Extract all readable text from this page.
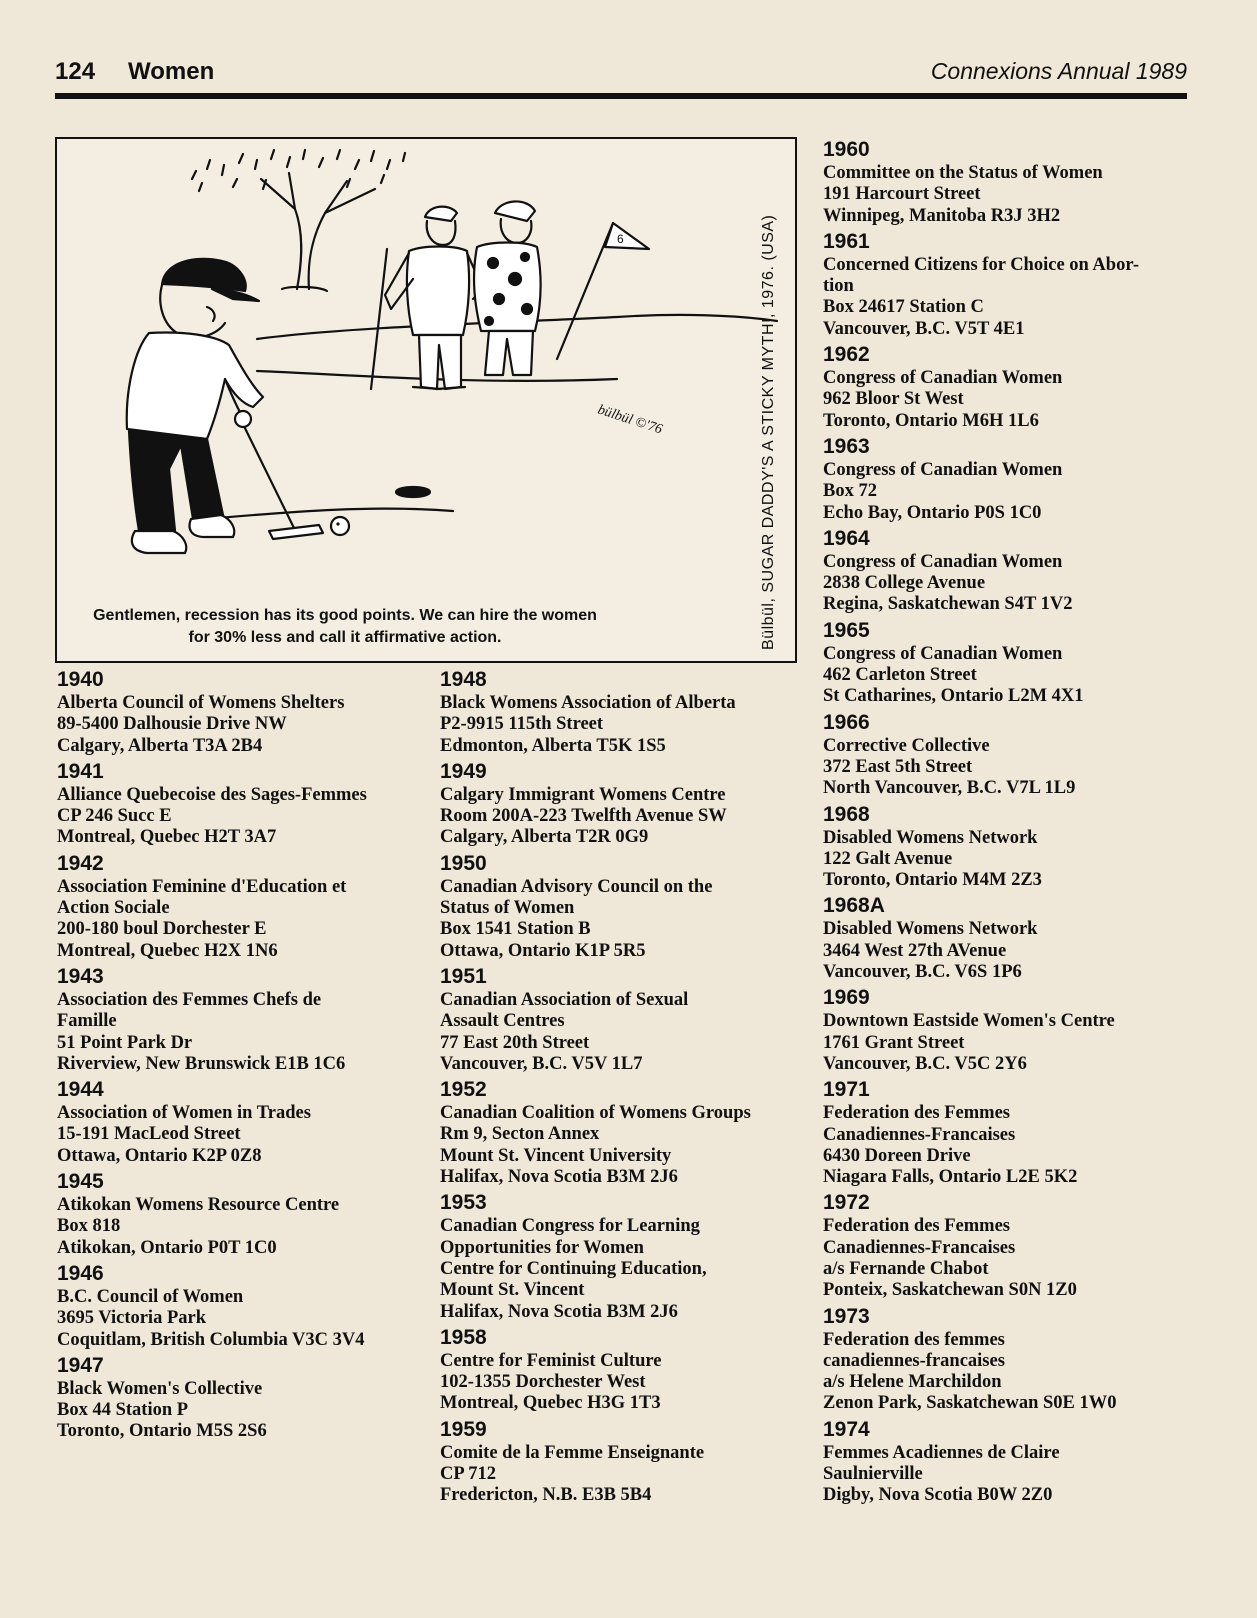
124 Women	Connexions Annual 1989
6
bülbül ©'76
Gentlemen, recession has its good points. We can hire the women
for 30% less and call it affirmative action.	Bülbül, SUGAR DADDY'S A STICKY MYTH!, 1976. (USA)
1940
Alberta Council of Womens Shelters
89-5400 Dalhousie Drive NW
Calgary, Alberta T3A 2B4
1941
Alliance Quebecoise des Sages-Femmes
CP 246 Succ E
Montreal, Quebec H2T 3A7
1942
Association Feminine d'Education et
Action Sociale
200-180 boul Dorchester E
Montreal, Quebec H2X 1N6
1943
Association des Femmes Chefs de
Famille
51 Point Park Dr
Riverview, New Brunswick E1B 1C6
1944
Association of Women in Trades
15-191 MacLeod Street
Ottawa, Ontario K2P 0Z8
1945
Atikokan Womens Resource Centre
Box 818
Atikokan, Ontario P0T 1C0
1946
B.C. Council of Women
3695 Victoria Park
Coquitlam, British Columbia V3C 3V4
1947
Black Women's Collective
Box 44 Station P
Toronto, Ontario M5S 2S6
1948
Black Womens Association of Alberta
P2-9915 115th Street
Edmonton, Alberta T5K 1S5
1949
Calgary Immigrant Womens Centre
Room 200A-223 Twelfth Avenue SW
Calgary, Alberta T2R 0G9
1950
Canadian Advisory Council on the
Status of Women
Box 1541 Station B
Ottawa, Ontario K1P 5R5
1951
Canadian Association of Sexual
Assault Centres
77 East 20th Street
Vancouver, B.C. V5V 1L7
1952
Canadian Coalition of Womens Groups
Rm 9, Secton Annex
Mount St. Vincent University
Halifax, Nova Scotia B3M 2J6
1953
Canadian Congress for Learning
Opportunities for Women
Centre for Continuing Education,
Mount St. Vincent
Halifax, Nova Scotia B3M 2J6
1958
Centre for Feminist Culture
102-1355 Dorchester West
Montreal, Quebec H3G 1T3
1959
Comite de la Femme Enseignante
CP 712
Fredericton, N.B. E3B 5B4
1960
Committee on the Status of Women
191 Harcourt Street
Winnipeg, Manitoba R3J 3H2
1961
Concerned Citizens for Choice on Abor-
tion
Box 24617 Station C
Vancouver, B.C. V5T 4E1
1962
Congress of Canadian Women
962 Bloor St West
Toronto, Ontario M6H 1L6
1963
Congress of Canadian Women
Box 72
Echo Bay, Ontario P0S 1C0
1964
Congress of Canadian Women
2838 College Avenue
Regina, Saskatchewan S4T 1V2
1965
Congress of Canadian Women
462 Carleton Street
St Catharines, Ontario L2M 4X1
1966
Corrective Collective
372 East 5th Street
North Vancouver, B.C. V7L 1L9
1968
Disabled Womens Network
122 Galt Avenue
Toronto, Ontario M4M 2Z3
1968A
Disabled Womens Network
3464 West 27th AVenue
Vancouver, B.C. V6S 1P6
1969
Downtown Eastside Women's Centre
1761 Grant Street
Vancouver, B.C. V5C 2Y6
1971
Federation des Femmes
Canadiennes-Francaises
6430 Doreen Drive
Niagara Falls, Ontario L2E 5K2
1972
Federation des Femmes
Canadiennes-Francaises
a/s Fernande Chabot
Ponteix, Saskatchewan S0N 1Z0
1973
Federation des femmes
canadiennes-francaises
a/s Helene Marchildon
Zenon Park, Saskatchewan S0E 1W0
1974
Femmes Acadiennes de Claire
Saulnierville
Digby, Nova Scotia B0W 2Z0
